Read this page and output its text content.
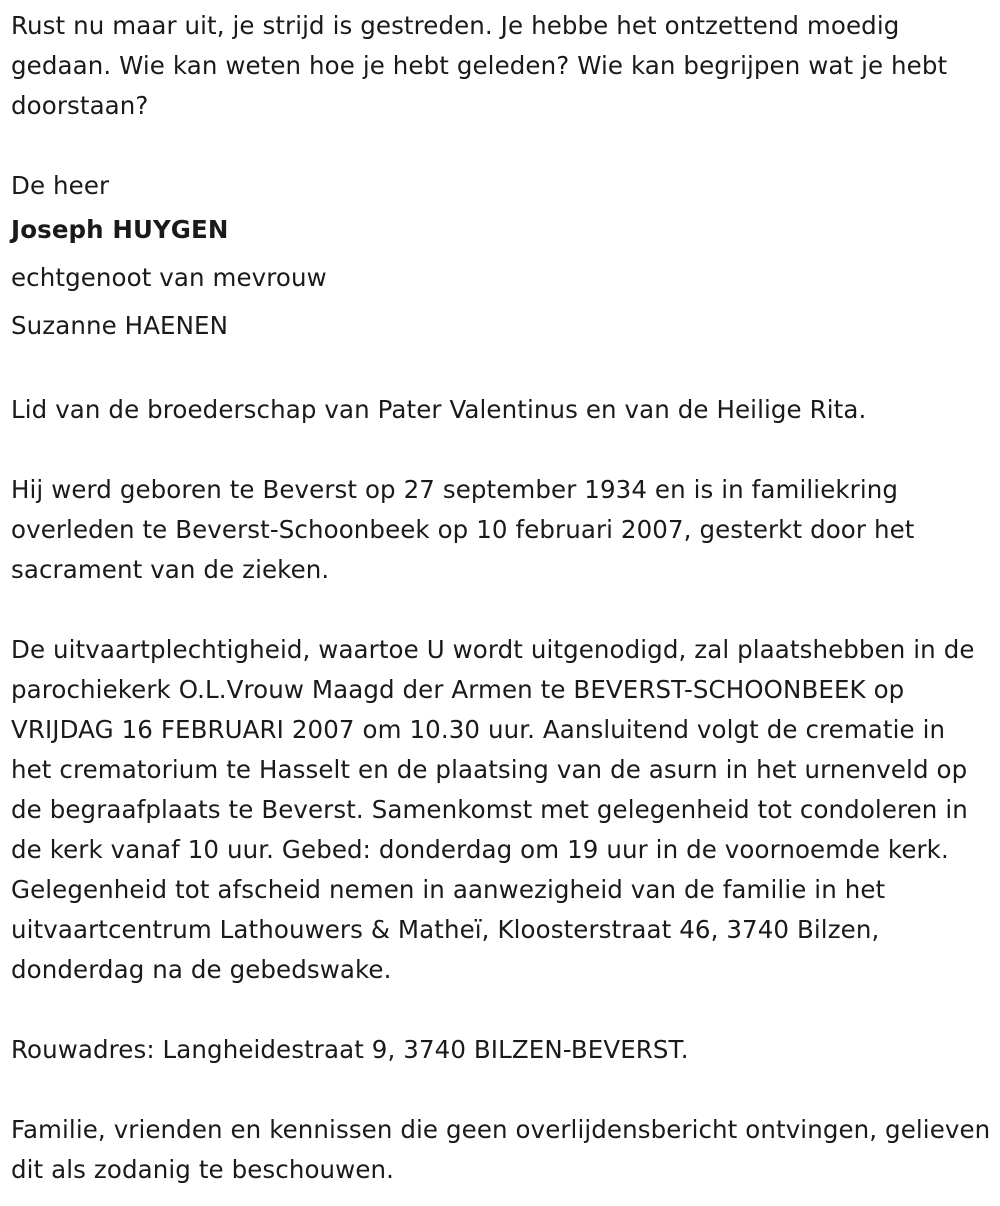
Rust nu maar uit, je strijd is gestreden. Je hebbe het ontzettend moedig gedaan. Wie kan weten hoe je hebt geleden? Wie kan begrijpen wat je hebt doorstaan?

De heer

Joseph HUYGEN

echtgenoot van mevrouw

Suzanne HAENEN

Lid van de broederschap van Pater Valentinus en van de Heilige Rita.

Hij werd geboren te Beverst op 27 september 1934 en is in familiekring overleden te Beverst-Schoonbeek op 10 februari 2007, gesterkt door het sacrament van de zieken.

De uitvaartplechtigheid, waartoe U wordt uitgenodigd, zal plaatshebben in de parochiekerk O.L.Vrouw Maagd der Armen te BEVERST-SCHOONBEEK op VRIJDAG 16 FEBRUARI 2007 om 10.30 uur. Aansluitend volgt de crematie in het crematorium te Hasselt en de plaatsing van de asurn in het urnenveld op de begraafplaats te Beverst. Samenkomst met gelegenheid tot condoleren in de kerk vanaf 10 uur. Gebed: donderdag om 19 uur in de voornoemde kerk. Gelegenheid tot afscheid nemen in aanwezigheid van de familie in het uitvaartcentrum Lathouwers & Matheï, Kloosterstraat 46, 3740 Bilzen, donderdag na de gebedswake.

Rouwadres: Langheidestraat 9, 3740 BILZEN-BEVERST.

Familie, vrienden en kennissen die geen overlijdensbericht ontvingen, gelieven dit als zodanig te beschouwen.
